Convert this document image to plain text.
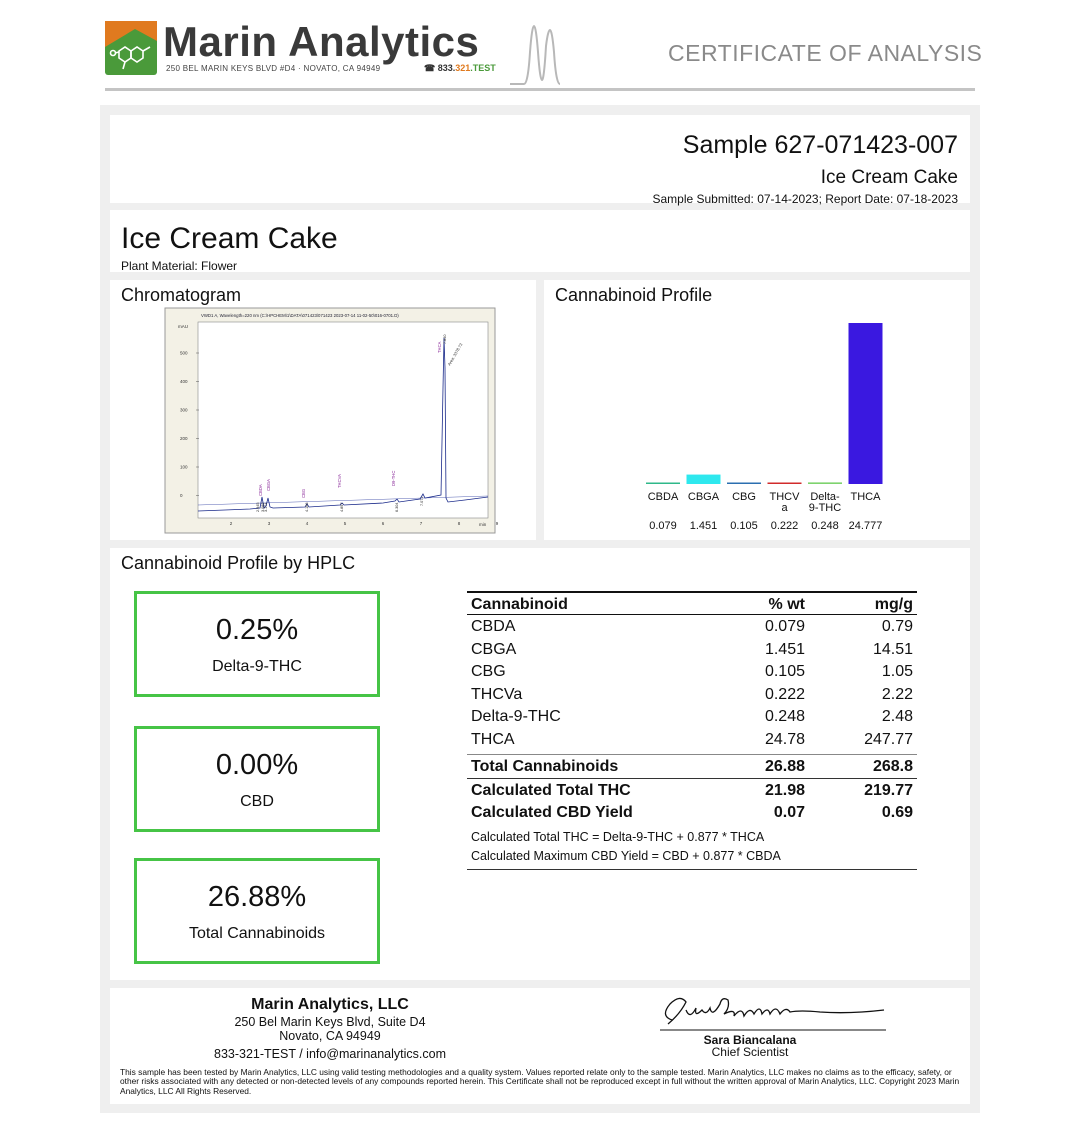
Marin Analytics
250 BEL MARIN KEYS BLVD #D4 · NOVATO, CA 94949	☎ 833.321.TEST
CERTIFICATE OF ANALYSIS
Sample 627-071423-007
Ice Cream Cake
Sample Submitted: 07-14-2023; Report Date: 07-18-2023
Ice Cream Cake
Plant Material: Flower
Chromatogram
VWD1 A, Wavelength=220 nm (C:\HPCHEM\1\DATA\071423\071423 2023-07-14 11-02-50\016-0701.D)
mAU
min
500
400
300
200
100
0
2	3	4	5	6	7	8	9
CBDA CBGA
CBG
THCVA	D9-THC
THCA
2.945 3.089 3.174	4.166	4.897	6.304
7.071
7.840
Area: 3378.73
Cannabinoid Profile
CBDA
0.079
CBGA
1.451
CBG
0.105
THCV
a
0.222
Delta-
9-THC
0.248
THCA
24.777
Cannabinoid Profile by HPLC
0.25%
Delta-9-THC
0.00%
CBD
26.88%
Total Cannabinoids
Cannabinoid	% wt	mg/g
CBDA	0.079	0.79
CBGA	1.451	14.51
CBG	0.105	1.05
THCVa	0.222	2.22
Delta-9-THC	0.248	2.48
THCA	24.78	247.77
Total Cannabinoids	26.88	268.8
Calculated Total THC	21.98	219.77
Calculated CBD Yield	0.07	0.69
Calculated Total THC = Delta-9-THC + 0.877 * THCA
Calculated Maximum CBD Yield = CBD + 0.877 * CBDA
Marin Analytics, LLC
250 Bel Marin Keys Blvd, Suite D4
Novato, CA 94949
833-321-TEST / info@marinanalytics.com
Sara Biancalana
Chief Scientist
This sample has been tested by Marin Analytics, LLC using valid testing methodologies and a quality system. Values reported relate only to the sample tested. Marin Analytics, LLC makes no claims as to the efficacy, safety, or other risks associated with any detected or non-detected levels of any compounds reported herein. This Certificate shall not be reproduced except in full without the written approval of Marin Analytics, LLC. Copyright 2023 Marin Analytics, LLC All Rights Reserved.
